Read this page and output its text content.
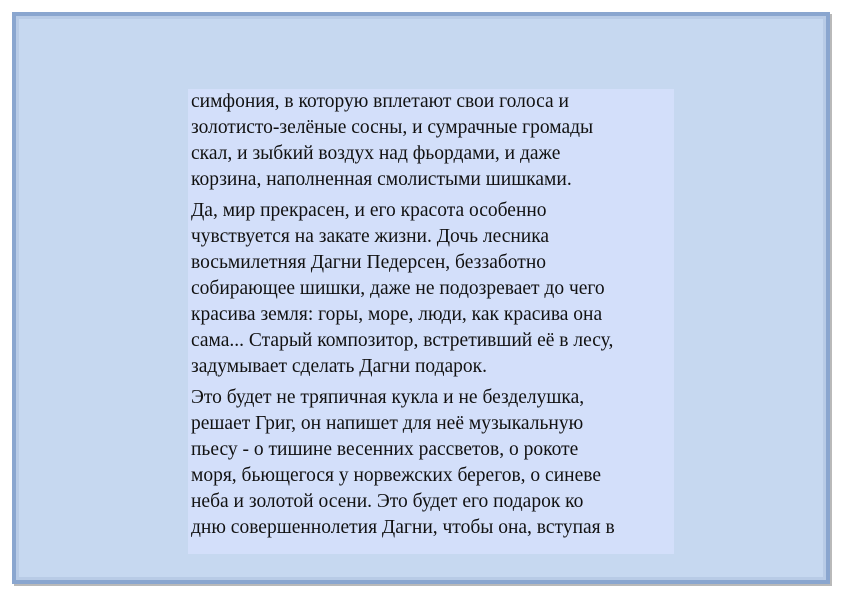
симфония, в которую вплетают свои голоса и
золотисто-зелёные сосны, и сумрачные громады
скал, и зыбкий воздух над фьордами, и даже
корзина, наполненная смолистыми шишками.

Да, мир прекрасен, и его красота особенно
чувствуется на закате жизни. Дочь лесника
восьмилетняя Дагни Педерсен, беззаботно
собирающее шишки, даже не подозревает до чего
красива земля: горы, море, люди, как красива она
сама... Старый композитор, встретивший её в лесу,
задумывает сделать Дагни подарок.

Это будет не тряпичная кукла и не безделушка,
решает Григ, он напишет для неё музыкальную
пьесу - о тишине весенних рассветов, о рокоте
моря, бьющегося у норвежских берегов, о синеве
неба и золотой осени. Это будет его подарок ко
дню совершеннолетия Дагни, чтобы она, вступая в
